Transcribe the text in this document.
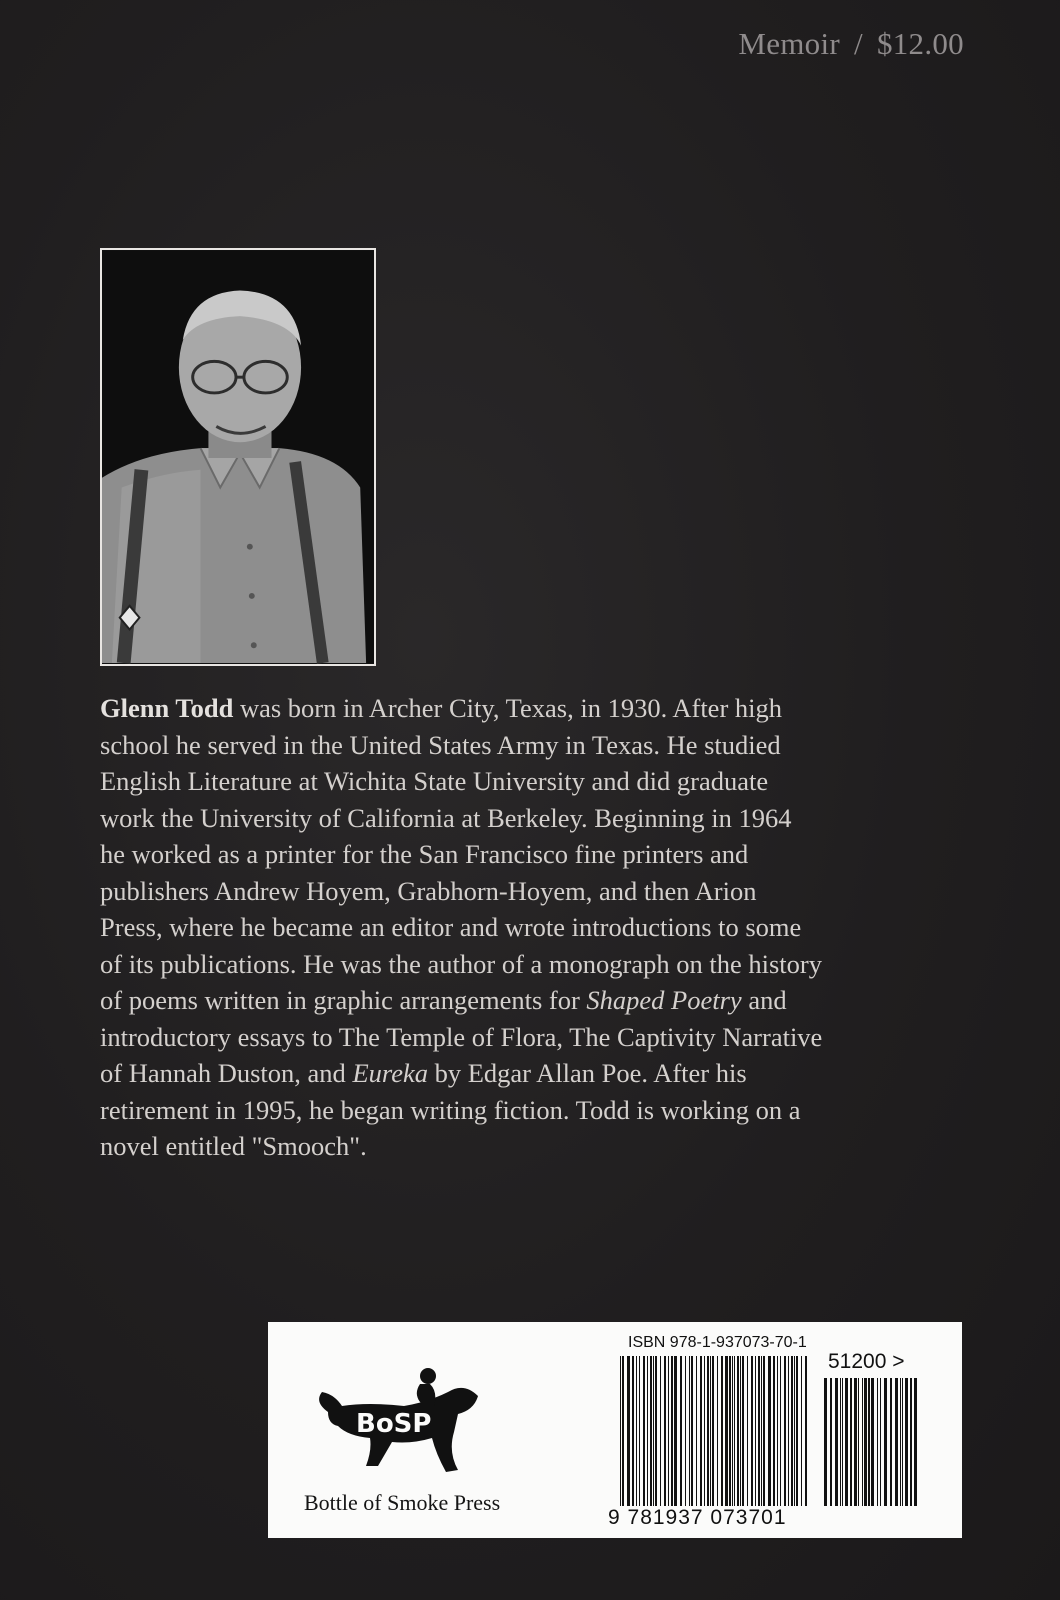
Memoir / $12.00
Glenn Todd was born in Archer City, Texas, in 1930. After high
school he served in the United States Army in Texas. He studied
English Literature at Wichita State University and did graduate
work the University of California at Berkeley. Beginning in 1964
he worked as a printer for the San Francisco fine printers and
publishers Andrew Hoyem, Grabhorn-Hoyem, and then Arion
Press, where he became an editor and wrote introductions to some
of its publications. He was the author of a monograph on the history
of poems written in graphic arrangements for Shaped Poetry and
introductory essays to The Temple of Flora, The Captivity Narrative
of Hannah Duston, and Eureka by Edgar Allan Poe. After his
retirement in 1995, he began writing fiction. Todd is working on a
novel entitled "Smooch".
BoSP
Bottle of Smoke Press
ISBN 978-1-937073-70-1
51200 >
9 781937 073701
